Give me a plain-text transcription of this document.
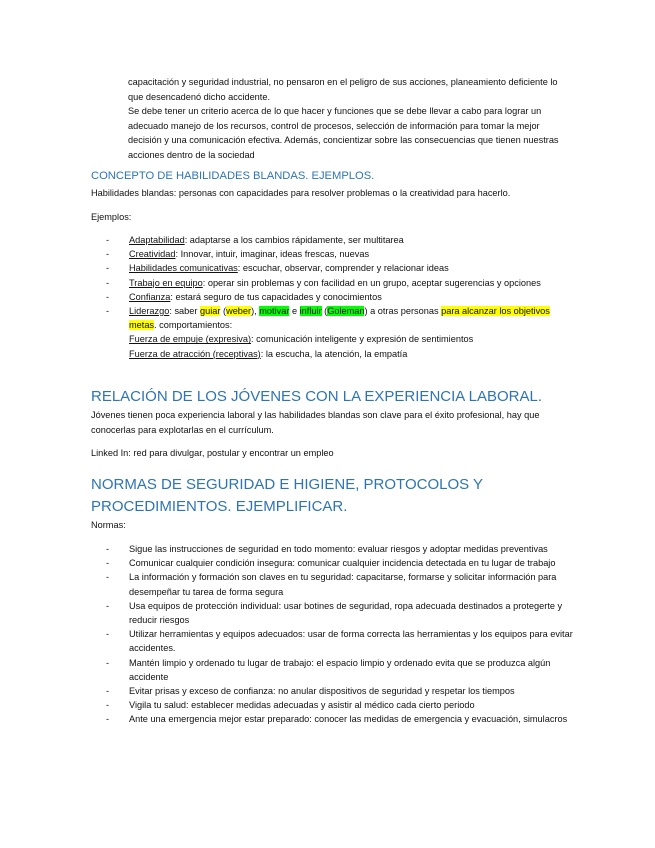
capacitación y seguridad industrial, no pensaron en el peligro de sus acciones, planeamiento deficiente lo que desencadenó dicho accidente.

Se debe tener un criterio acerca de lo que hacer y funciones que se debe llevar a cabo para lograr un adecuado manejo de los recursos, control de procesos, selección de información para tomar la mejor decisión y una comunicación efectiva. Además, concientizar sobre las consecuencias que tienen nuestras acciones dentro de la sociedad

CONCEPTO DE HABILIDADES BLANDAS. EJEMPLOS.

Habilidades blandas: personas con capacidades para resolver problemas o la creatividad para hacerlo.

Ejemplos:

- Adaptabilidad: adaptarse a los cambios rápidamente, ser multitarea
- Creatividad: Innovar, intuir, imaginar, ideas frescas, nuevas
- Habilidades comunicativas: escuchar, observar, comprender y relacionar ideas
- Trabajo en equipo: operar sin problemas y con facilidad en un grupo, aceptar sugerencias y opciones
- Confianza: estará seguro de tus capacidades y conocimientos
- Liderazgo: saber guiar (weber), motivar e influir (Goleman) a otras personas para alcanzar los objetivos metas. comportamientos:
Fuerza de empuje (expresiva): comunicación inteligente y expresión de sentimientos
Fuerza de atracción (receptivas): la escucha, la atención, la empatía
RELACIÓN DE LOS JÓVENES CON LA EXPERIENCIA LABORAL.

Jóvenes tienen poca experiencia laboral y las habilidades blandas son clave para el éxito profesional, hay que conocerlas para explotarlas en el currículum.

Linked In: red para divulgar, postular y encontrar un empleo

NORMAS DE SEGURIDAD E HIGIENE, PROTOCOLOS Y PROCEDIMIENTOS. EJEMPLIFICAR.

Normas:

- Sigue las instrucciones de seguridad en todo momento: evaluar riesgos y adoptar medidas preventivas
- Comunicar cualquier condición insegura: comunicar cualquier incidencia detectada en tu lugar de trabajo
- La información y formación son claves en tu seguridad: capacitarse, formarse y solicitar información para desempeñar tu tarea de forma segura
- Usa equipos de protección individual: usar botines de seguridad, ropa adecuada destinados a protegerte y reducir riesgos
- Utilizar herramientas y equipos adecuados: usar de forma correcta las herramientas y los equipos para evitar accidentes.
- Mantén limpio y ordenado tu lugar de trabajo: el espacio limpio y ordenado evita que se produzca algún accidente
- Evitar prisas y exceso de confianza: no anular dispositivos de seguridad y respetar los tiempos
- Vigila tu salud: establecer medidas adecuadas y asistir al médico cada cierto periodo
- Ante una emergencia mejor estar preparado: conocer las medidas de emergencia y evacuación, simulacros
